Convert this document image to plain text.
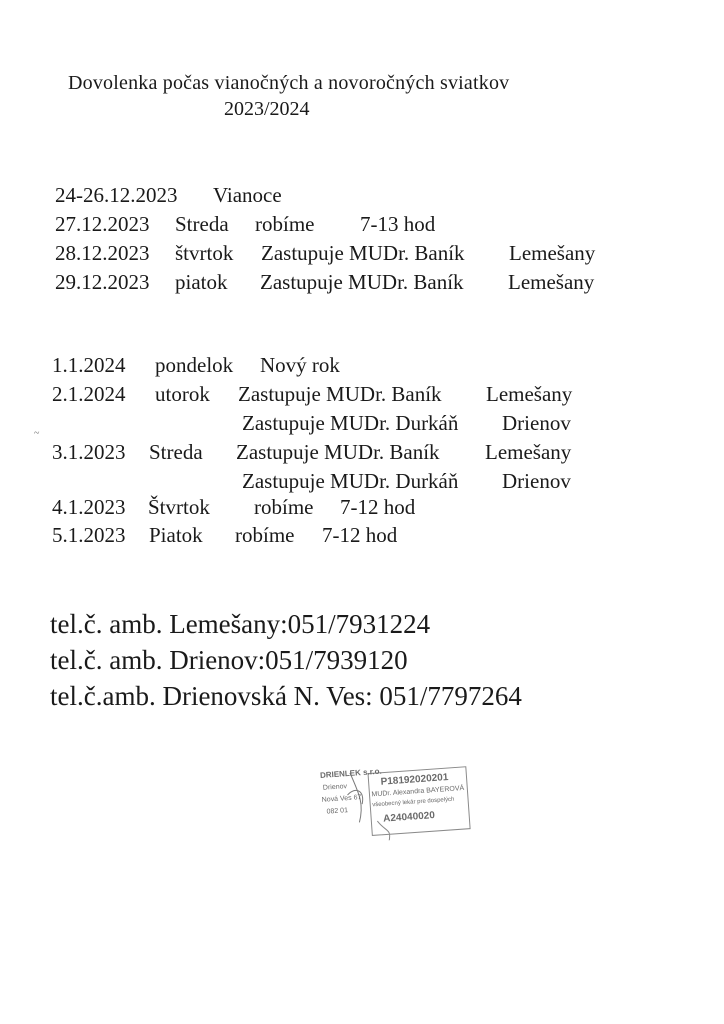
Dovolenka počas vianočných a novoročných sviatkov
2023/2024

24-26.12.2023

Vianoce

27.12.2023

Streda

robíme

7-13 hod

28.12.2023

štvrtok

Zastupuje MUDr. Baník

Lemešany

29.12.2023

piatok

Zastupuje MUDr. Baník

Lemešany

1.1.2024

pondelok

Nový rok

2.1.2024

utorok

Zastupuje MUDr. Baník

Lemešany

Zastupuje MUDr. Durkáň

Drienov

3.1.2023

Streda

Zastupuje MUDr. Baník

Lemešany

Zastupuje MUDr. Durkáň

Drienov

4.1.2023

Štvrtok

robíme

7-12 hod

5.1.2023

Piatok

robíme

7-12 hod

~
tel.č. amb. Lemešany:051/7931224
tel.č. amb. Drienov:051/7939120
tel.č.amb. Drienovská N. Ves: 051/7797264
DRIENLEK s.r.o.
Drienov
Nová Ves 67
082 01
P18192020201
MUDr. Alexandra BAYEROVÁ
všeobecný lekár pre dospelých
A24040020
